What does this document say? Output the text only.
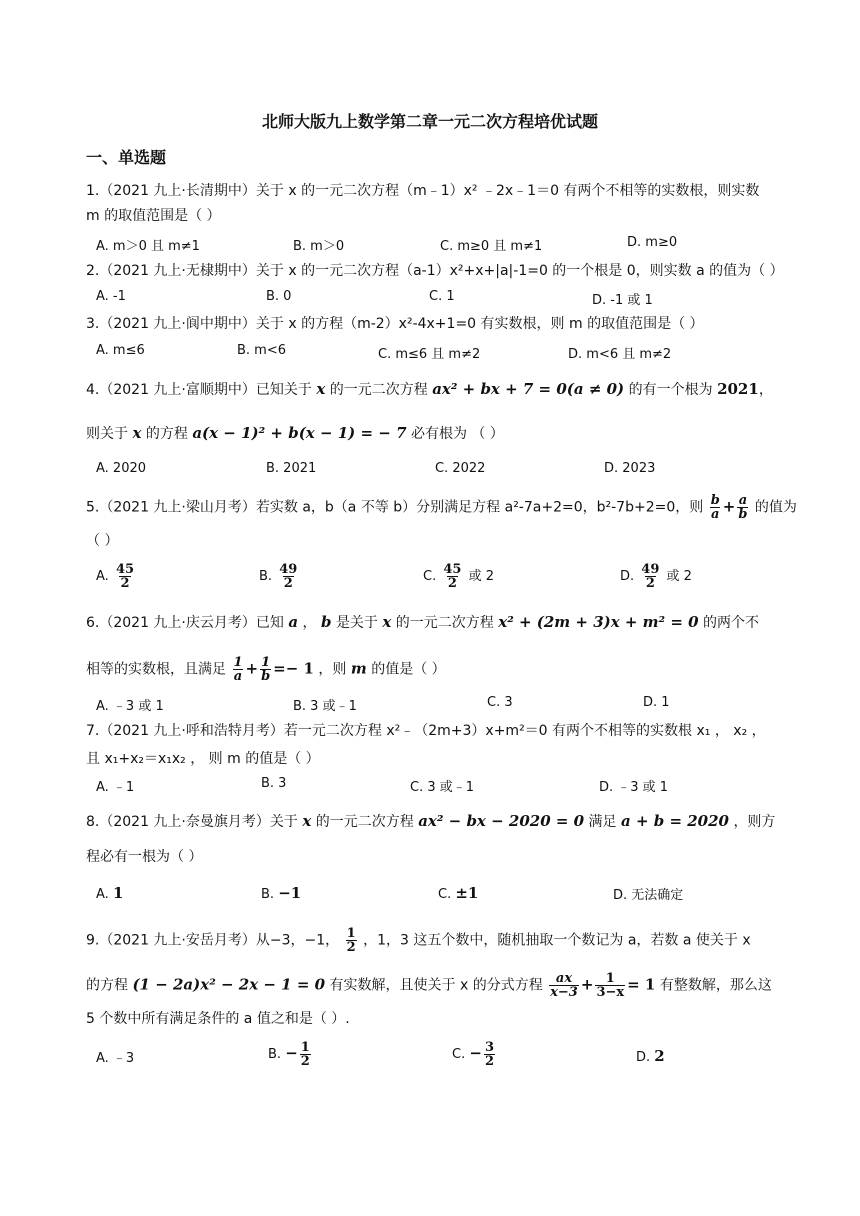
北师大版九上数学第二章一元二次方程培优试题
一、单选题
1.（2021 九上·长清期中）关于 x 的一元二次方程（m﹣1）x² ﹣2x﹣1＝0 有两个不相等的实数根，则实数
m 的取值范围是（ ）
A. m＞0 且 m≠1	B. m＞0	C. m≥0 且 m≠1	D. m≥0
2.（2021 九上·无棣期中）关于 x 的一元二次方程（a-1）x²+x+|a|-1=0 的一个根是 0，则实数 a 的值为（ ）
A. -1	B. 0	C. 1	D. -1 或 1
3.（2021 九上·阆中期中）关于 x 的方程（m-2）x²-4x+1=0 有实数根，则 m 的取值范围是（ ）
A. m≤6	B. m<6	C. m≤6 且 m≠2	D. m<6 且 m≠2
4.（2021 九上·富顺期中）已知关于 x 的一元二次方程 ax² + bx + 7 = 0(a ≠ 0) 的有一个根为 2021，
则关于 x 的方程 a(x − 1)² + b(x − 1) = − 7 必有根为 （ ）
A. 2020	B. 2021	C. 2022	D. 2023
5.（2021 九上·梁山月考）若实数 a，b（a 不等 b）分别满足方程 a²-7a+2=0，b²-7b+2=0，则 $\frac{b}{a} + \frac{a}{b}$ 的值为
（ ）
A. $\frac{45}{2}$	B. $\frac{49}{2}$	C. $\frac{45}{2}$ 或 2	D. $\frac{49}{2}$ 或 2
6.（2021 九上·庆云月考）已知 a ， b 是关于 x 的一元二次方程 x² + (2m + 3)x + m² = 0 的两个不
相等的实数根，且满足 $\frac{1}{a} + \frac{1}{b} =- 1$ ，则 m 的值是（ ）
A. ﹣3 或 1	B. 3 或﹣1	C. 3	D. 1
7.（2021 九上·呼和浩特月考）若一元二次方程 x²﹣（2m+3）x+m²＝0 有两个不相等的实数根 x₁ ， x₂ ，
且 x₁+x₂＝x₁x₂ ， 则 m 的值是（ ）
A. ﹣1	B. 3	C. 3 或﹣1	D. ﹣3 或 1
8.（2021 九上·奈曼旗月考）关于 x 的一元二次方程 ax² − bx − 2020 = 0 满足 a + b = 2020 ，则方
程必有一根为（ ）
A. 1	B. −1	C. ±1	D. 无法确定
9.（2021 九上·安岳月考）从−3，−1， $\frac{1}{2}$ ，1，3 这五个数中，随机抽取一个数记为 a，若数 a 使关于 x
的方程 (1 − 2a)x² − 2x − 1 = 0 有实数解，且使关于 x 的分式方程 $\frac{ax}{x-3} + \frac{1}{3-x} = 1$ 有整数解，那么这
5 个数中所有满足条件的 a 值之和是（ ）.
A. ﹣3	B. − $\frac{1}{2}$	C. − $\frac{3}{2}$	D. 2
